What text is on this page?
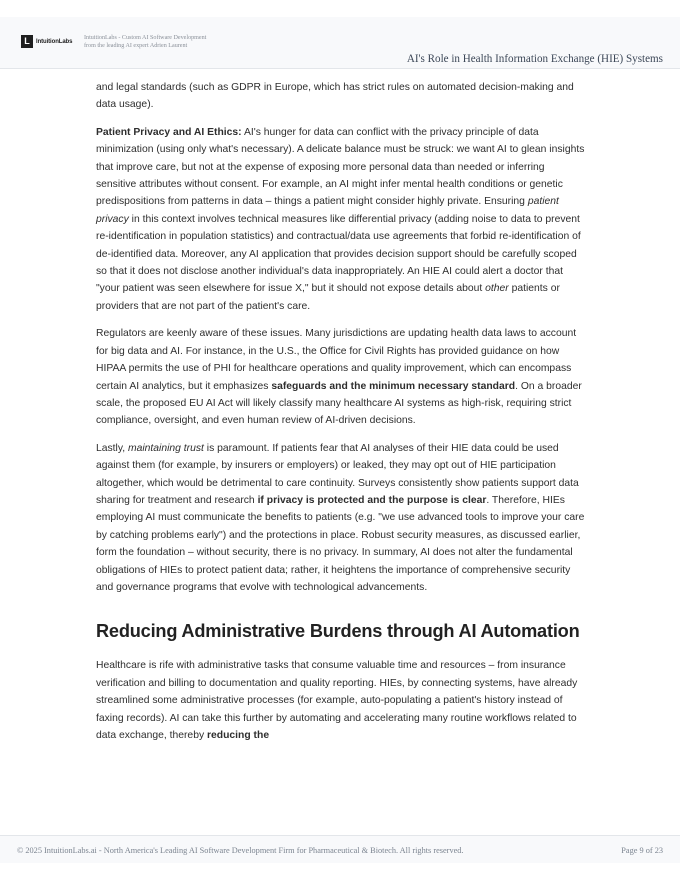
L	IntuitionLabs
IntuitionLabs - Custom AI Software Development
from the leading AI expert Adrien Laurent
AI's Role in Health Information Exchange (HIE) Systems

and legal standards (such as GDPR in Europe, which has strict rules on automated decision-making and data usage).

Patient Privacy and AI Ethics: AI's hunger for data can conflict with the privacy principle of data minimization (using only what's necessary). A delicate balance must be struck: we want AI to glean insights that improve care, but not at the expense of exposing more personal data than needed or inferring sensitive attributes without consent. For example, an AI might infer mental health conditions or genetic predispositions from patterns in data – things a patient might consider highly private. Ensuring patient privacy in this context involves technical measures like differential privacy (adding noise to data to prevent re-identification in population statistics) and contractual/data use agreements that forbid re-identification of de-identified data. Moreover, any AI application that provides decision support should be carefully scoped so that it does not disclose another individual's data inappropriately. An HIE AI could alert a doctor that "your patient was seen elsewhere for issue X," but it should not expose details about other patients or providers that are not part of the patient's care.

Regulators are keenly aware of these issues. Many jurisdictions are updating health data laws to account for big data and AI. For instance, in the U.S., the Office for Civil Rights has provided guidance on how HIPAA permits the use of PHI for healthcare operations and quality improvement, which can encompass certain AI analytics, but it emphasizes safeguards and the minimum necessary standard. On a broader scale, the proposed EU AI Act will likely classify many healthcare AI systems as high-risk, requiring strict compliance, oversight, and even human review of AI-driven decisions.

Lastly, maintaining trust is paramount. If patients fear that AI analyses of their HIE data could be used against them (for example, by insurers or employers) or leaked, they may opt out of HIE participation altogether, which would be detrimental to care continuity. Surveys consistently show patients support data sharing for treatment and research if privacy is protected and the purpose is clear. Therefore, HIEs employing AI must communicate the benefits to patients (e.g. "we use advanced tools to improve your care by catching problems early") and the protections in place. Robust security measures, as discussed earlier, form the foundation – without security, there is no privacy. In summary, AI does not alter the fundamental obligations of HIEs to protect patient data; rather, it heightens the importance of comprehensive security and governance programs that evolve with technological advancements.

Reducing Administrative Burdens through AI Automation

Healthcare is rife with administrative tasks that consume valuable time and resources – from insurance verification and billing to documentation and quality reporting. HIEs, by connecting systems, have already streamlined some administrative processes (for example, auto-populating a patient's history instead of faxing records). AI can take this further by automating and accelerating many routine workflows related to data exchange, thereby reducing the

© 2025 IntuitionLabs.ai - North America's Leading AI Software Development Firm for Pharmaceutical & Biotech. All rights reserved.	Page 9 of 23
